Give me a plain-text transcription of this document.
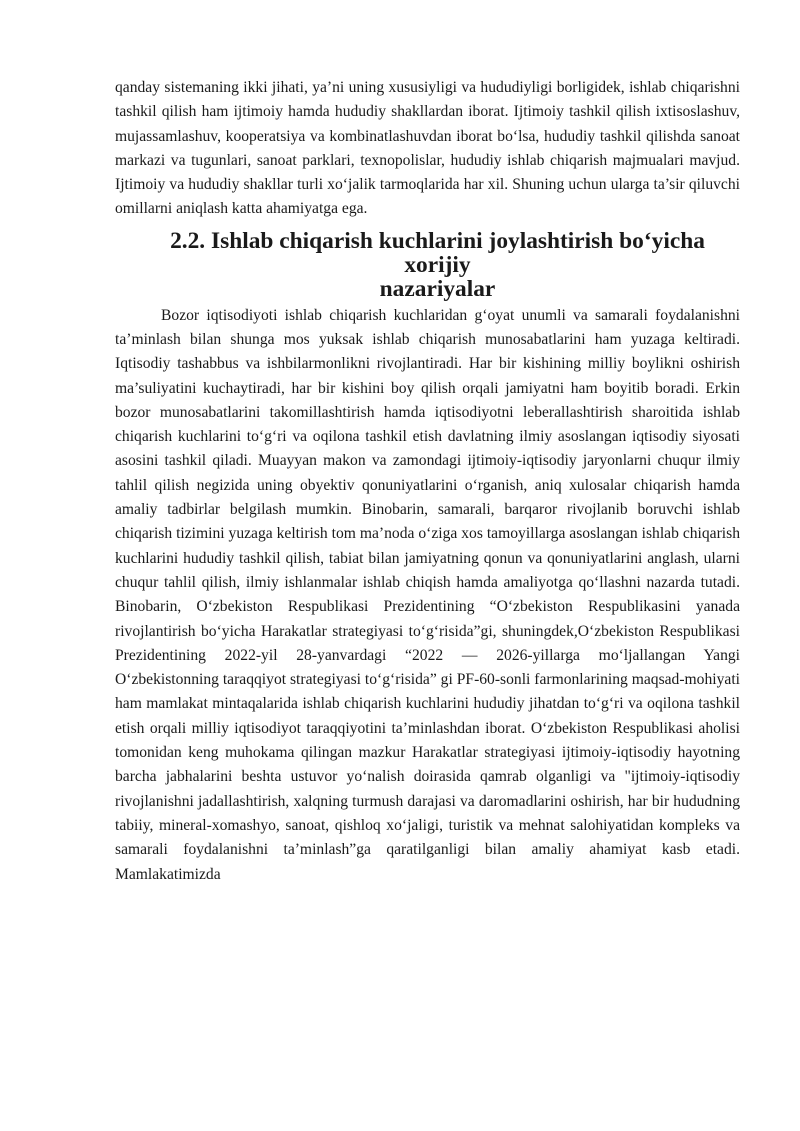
qanday sistemaning ikki jihati, ya’ni uning xususiyligi va hududiyligi borligidek, ishlab chiqarishni tashkil qilish ham ijtimoiy hamda hududiy shakllardan iborat. Ijtimoiy tashkil qilish ixtisoslashuv, mujassamlashuv, kooperatsiya va kombinatlashuvdan iborat bo‘lsa, hududiy tashkil qilishda sanoat markazi va tugunlari, sanoat parklari, texnopolislar, hududiy ishlab chiqarish majmualari mavjud. Ijtimoiy va hududiy shakllar turli xo‘jalik tarmoqlarida har xil. Shuning uchun ularga ta’sir qiluvchi omillarni aniqlash katta ahamiyatga ega.

2.2. Ishlab chiqarish kuchlarini joylashtirish bo‘yicha xorijiy
nazariyalar

Bozor iqtisodiyoti ishlab chiqarish kuchlaridan g‘oyat unumli va samarali foydalanishni ta’minlash bilan shunga mos yuksak ishlab chiqarish munosabatlarini ham yuzaga keltiradi. Iqtisodiy tashabbus va ishbilarmonlikni rivojlantiradi. Har bir kishining milliy boylikni oshirish ma’suliyatini kuchaytiradi, har bir kishini boy qilish orqali jamiyatni ham boyitib boradi. Erkin bozor munosabatlarini takomillashtirish hamda iqtisodiyotni leberallashtirish sharoitida ishlab chiqarish kuchlarini to‘g‘ri va oqilona tashkil etish davlatning ilmiy asoslangan iqtisodiy siyosati asosini tashkil qiladi. Muayyan makon va zamondagi ijtimoiy-iqtisodiy jaryonlarni chuqur ilmiy tahlil qilish negizida uning obyektiv qonuniyatlarini o‘rganish, aniq xulosalar chiqarish hamda amaliy tadbirlar belgilash mumkin. Binobarin, samarali, barqaror rivojlanib boruvchi ishlab chiqarish tizimini yuzaga keltirish tom ma’noda o‘ziga xos tamoyillarga asoslangan ishlab chiqarish kuchlarini hududiy tashkil qilish, tabiat bilan jamiyatning qonun va qonuniyatlarini anglash, ularni chuqur tahlil qilish, ilmiy ishlanmalar ishlab chiqish hamda amaliyotga qo‘llashni nazarda tutadi. Binobarin, O‘zbekiston Respublikasi Prezidentining “O‘zbekiston Respublikasini yanada rivojlantirish bo‘yicha Harakatlar strategiyasi to‘g‘risida”gi, shuningdek,O‘zbekiston Respublikasi Prezidentining 2022-yil 28-yanvardagi “2022 — 2026-yillarga mo‘ljallangan Yangi O‘zbekistonning taraqqiyot strategiyasi to‘g‘risida” gi PF-60-sonli farmonlarining maqsad-mohiyati ham mamlakat mintaqalarida ishlab chiqarish kuchlarini hududiy jihatdan to‘g‘ri va oqilona tashkil etish orqali milliy iqtisodiyot taraqqiyotini ta’minlashdan iborat. O‘zbekiston Respublikasi aholisi tomonidan keng muhokama qilingan mazkur Harakatlar strategiyasi ijtimoiy-iqtisodiy hayotning barcha jabhalarini beshta ustuvor yo‘nalish doirasida qamrab olganligi va "ijtimoiy-iqtisodiy rivojlanishni jadallashtirish, xalqning turmush darajasi va daromadlarini oshirish, har bir hududning tabiiy, mineral-xomashyo, sanoat, qishloq xo‘jaligi, turistik va mehnat salohiyatidan kompleks va samarali foydalanishni ta’minlash”ga qaratilganligi bilan amaliy ahamiyat kasb etadi. Mamlakatimizda
